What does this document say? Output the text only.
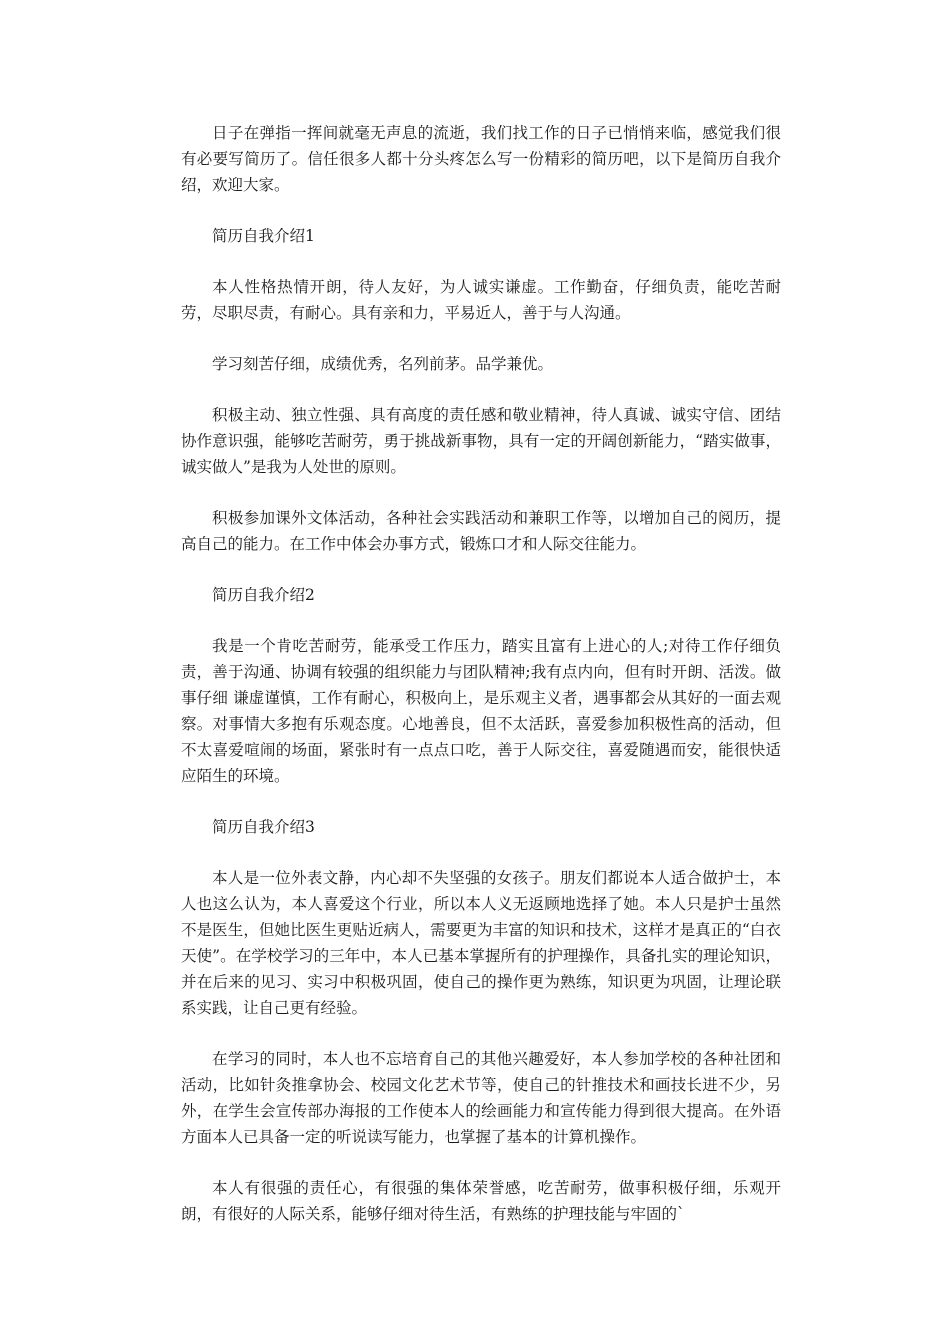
日子在弹指一挥间就毫无声息的流逝，我们找工作的日子已悄悄来临，感觉我们很有必要写简历了。信任很多人都十分头疼怎么写一份精彩的简历吧，以下是简历自我介绍，欢迎大家。

简历自我介绍1

本人性格热情开朗，待人友好，为人诚实谦虚。工作勤奋，仔细负责，能吃苦耐劳，尽职尽责，有耐心。具有亲和力，平易近人，善于与人沟通。

学习刻苦仔细，成绩优秀，名列前茅。品学兼优。

积极主动、独立性强、具有高度的责任感和敬业精神，待人真诚、诚实守信、团结协作意识强，能够吃苦耐劳，勇于挑战新事物，具有一定的开阔创新能力，“踏实做事，诚实做人”是我为人处世的原则。

积极参加课外文体活动，各种社会实践活动和兼职工作等，以增加自己的阅历，提高自己的能力。在工作中体会办事方式，锻炼口才和人际交往能力。

简历自我介绍2

我是一个肯吃苦耐劳，能承受工作压力，踏实且富有上进心的人;对待工作仔细负责，善于沟通、协调有较强的组织能力与团队精神;我有点内向，但有时开朗、活泼。做事仔细 谦虚谨慎，工作有耐心，积极向上，是乐观主义者，遇事都会从其好的一面去观察。对事情大多抱有乐观态度。心地善良，但不太活跃，喜爱参加积极性高的活动，但不太喜爱喧闹的场面，紧张时有一点点口吃，善于人际交往，喜爱随遇而安，能很快适应陌生的环境。

简历自我介绍3

本人是一位外表文静，内心却不失坚强的女孩子。朋友们都说本人适合做护士，本人也这么认为，本人喜爱这个行业，所以本人义无返顾地选择了她。本人只是护士虽然不是医生，但她比医生更贴近病人，需要更为丰富的知识和技术，这样才是真正的“白衣天使”。在学校学习的三年中，本人已基本掌握所有的护理操作，具备扎实的理论知识，并在后来的见习、实习中积极巩固，使自己的操作更为熟练，知识更为巩固，让理论联系实践，让自己更有经验。

在学习的同时，本人也不忘培育自己的其他兴趣爱好，本人参加学校的各种社团和活动，比如针灸推拿协会、校园文化艺术节等，使自己的针推技术和画技长进不少，另外，在学生会宣传部办海报的工作使本人的绘画能力和宣传能力得到很大提高。在外语方面本人已具备一定的听说读写能力，也掌握了基本的计算机操作。

本人有很强的责任心，有很强的集体荣誉感，吃苦耐劳，做事积极仔细，乐观开朗，有很好的人际关系，能够仔细对待生活，有熟练的护理技能与牢固的`
